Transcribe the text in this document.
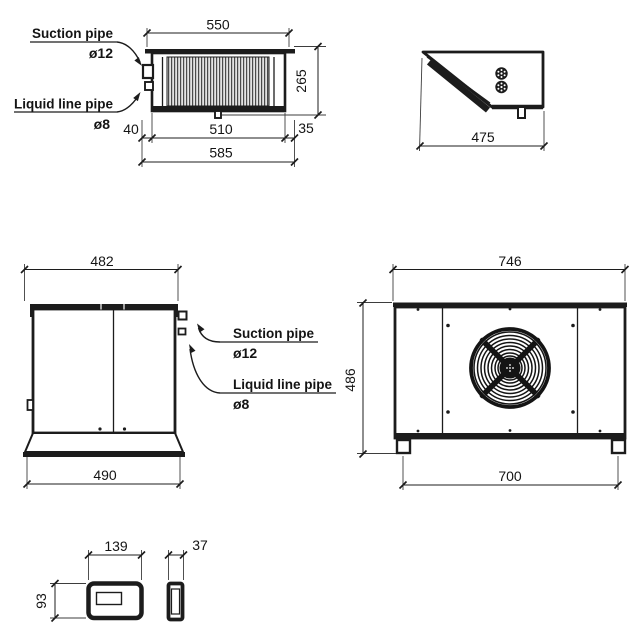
550
265
40	510	35
585
Suction pipe
ø12
Liquid line pipe
ø8
475
482
490
Suction pipe
ø12
Liquid line pipe
ø8
746
486
700
139
93
37
